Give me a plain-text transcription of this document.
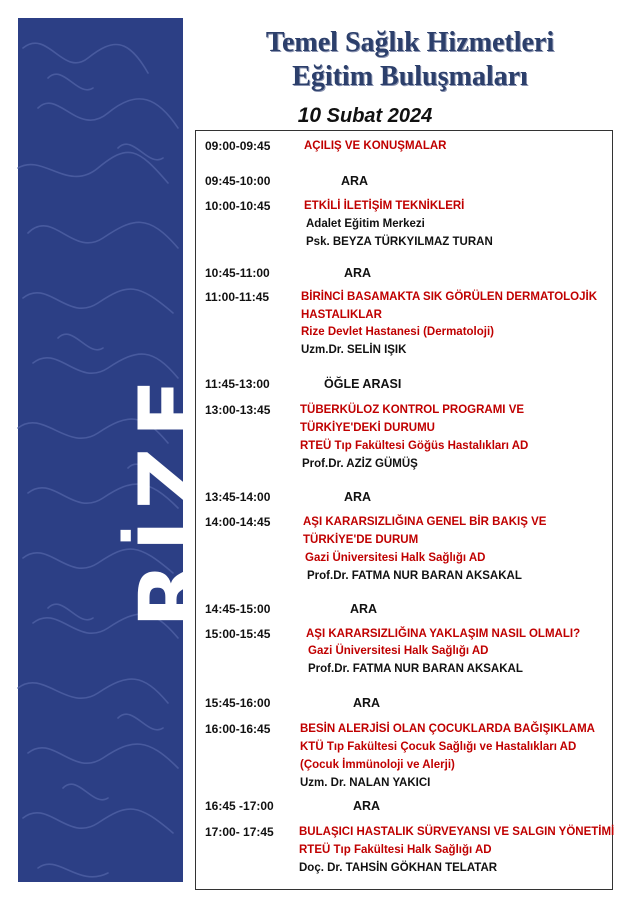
RİZE
Temel Sağlık Hizmetleri
Eğitim Buluşmaları
10 Subat 2024
09:00-09:45	AÇILIŞ VE KONUŞMALAR
09:45-10:00	ARA
10:00-10:45	ETKİLİ İLETİŞİM TEKNİKLERİ
Adalet Eğitim Merkezi
Psk. BEYZA TÜRKYILMAZ TURAN
10:45-11:00	ARA
11:00-11:45	BİRİNCİ BASAMAKTA SIK GÖRÜLEN DERMATOLOJİK
HASTALIKLAR
Rize Devlet Hastanesi (Dermatoloji)
Uzm.Dr. SELİN IŞIK
11:45-13:00	ÖĞLE ARASI
13:00-13:45	TÜBERKÜLOZ KONTROL PROGRAMI VE
TÜRKİYE'DEKİ DURUMU
RTEÜ Tıp Fakültesi Göğüs Hastalıkları AD
Prof.Dr. AZİZ GÜMÜŞ
13:45-14:00	ARA
14:00-14:45	AŞI KARARSIZLIĞINA GENEL BİR BAKIŞ VE
TÜRKİYE'DE DURUM
Gazi Üniversitesi Halk Sağlığı AD
Prof.Dr. FATMA NUR BARAN AKSAKAL
14:45-15:00	ARA
15:00-15:45	AŞI KARARSIZLIĞINA YAKLAŞIM NASIL OLMALI?
Gazi Üniversitesi Halk Sağlığı AD
Prof.Dr. FATMA NUR BARAN AKSAKAL
15:45-16:00	ARA
16:00-16:45	BESİN ALERJİSİ OLAN ÇOCUKLARDA BAĞIŞIKLAMA
KTÜ Tıp Fakültesi Çocuk Sağlığı ve Hastalıkları AD
(Çocuk İmmünoloji ve Alerji)
Uzm. Dr. NALAN YAKICI
16:45 -17:00	ARA
17:00- 17:45 BULAŞICI HASTALIK SÜRVEYANSI VE SALGIN YÖNETİMİ
RTEÜ Tıp Fakültesi Halk Sağlığı AD
Doç. Dr. TAHSİN GÖKHAN TELATAR
